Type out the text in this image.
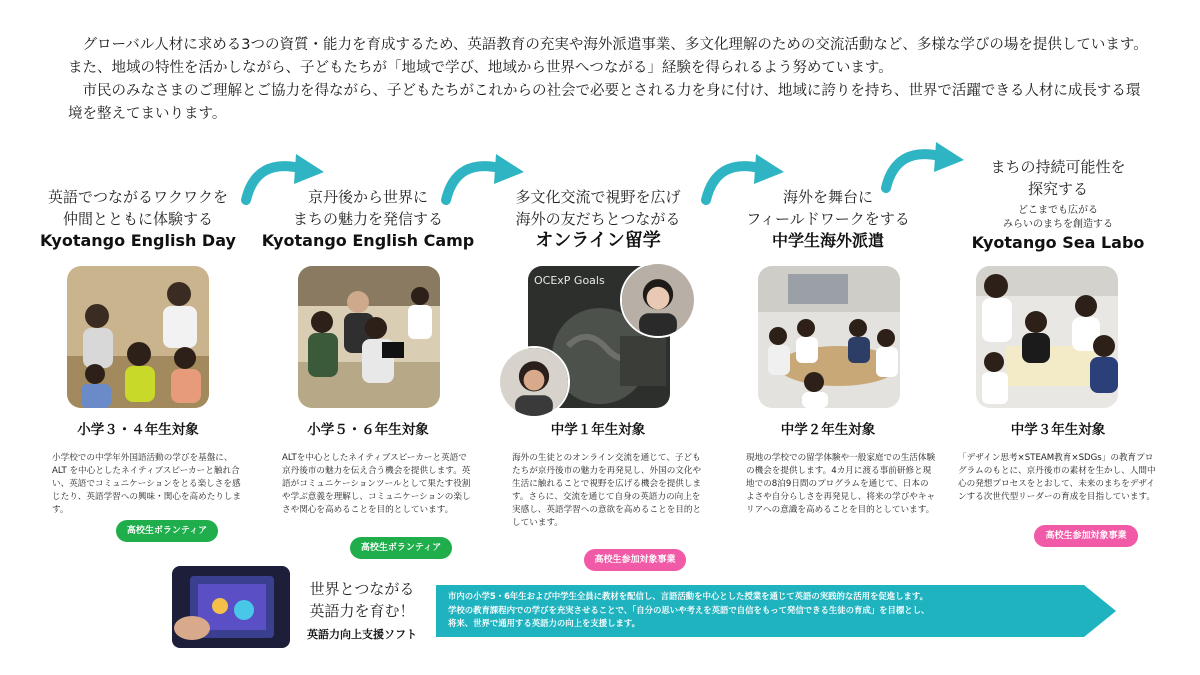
グローバル人材に求める3つの資質・能力を育成するため、英語教育の充実や海外派遣事業、多文化理解のための交流活動など、多様な学びの場を提供しています。また、地域の特性を活かしながら、子どもたちが「地域で学び、地域から世界へつながる」経験を得られるよう努めています。

市民のみなさまのご理解とご協力を得ながら、子どもたちがこれからの社会で必要とされる力を身に付け、地域に誇りを持ち、世界で活躍できる人材に成長する環境を整えてまいります。

英語でつながるワクワクを
仲間とともに体験する
Kyotango English Day
小学３・４年生対象
小学校での中学年外国語活動の学びを基盤に、ALT を中心としたネイティブスピーカーと触れ合い、英語でコミュニケーションをとる楽しさを感じたり、英語学習への興味・関心を高めたりします。
高校生ボランティア
京丹後から世界に
まちの魅力を発信する
Kyotango English Camp
小学５・６年生対象
ALTを中心としたネイティブスピーカーと英語で京丹後市の魅力を伝え合う機会を提供します。英語がコミュニケーションツールとして果たす役割や学ぶ意義を理解し、コミュニケーションの楽しさや関心を高めることを目的としています。
高校生ボランティア
多文化交流で視野を広げ
海外の友だちとつながる
オンライン留学
OCExP Goals
中学１年生対象
海外の生徒とのオンライン交流を通じて、子どもたちが京丹後市の魅力を再発見し、外国の文化や生活に触れることで視野を広げる機会を提供します。さらに、交流を通じて自身の英語力の向上を実感し、英語学習への意欲を高めることを目的としています。
高校生参加対象事業
海外を舞台に
フィールドワークをする
中学生海外派遣
中学２年生対象
現地の学校での留学体験や一般家庭での生活体験の機会を提供します。4カ月に渡る事前研修と現地での8泊9日間のプログラムを通じて、日本のよさや自分らしさを再発見し、将来の学びやキャリアへの意識を高めることを目的としています。
まちの持続可能性を
探究する
どこまでも広がる
みらいのまちを創造する
Kyotango Sea Labo
中学３年生対象
「デザイン思考×STEAM教育×SDGs」の教育プログラムのもとに、京丹後市の素材を生かし、人間中心の発想プロセスをとおして、未来のまちをデザインする次世代型リーダーの育成を目指しています。
高校生参加対象事業
世界とつながる
英語力を育む！
英語力向上支援ソフト
市内の小学5・6年生および中学生全員に教材を配信し、言語活動を中心とした授業を通じて英語の実践的な活用を促進します。
学校の教育課程内での学びを充実させることで、「自分の思いや考えを英語で自信をもって発信できる生徒の育成」を目標とし、
将来、世界で通用する英語力の向上を支援します。
